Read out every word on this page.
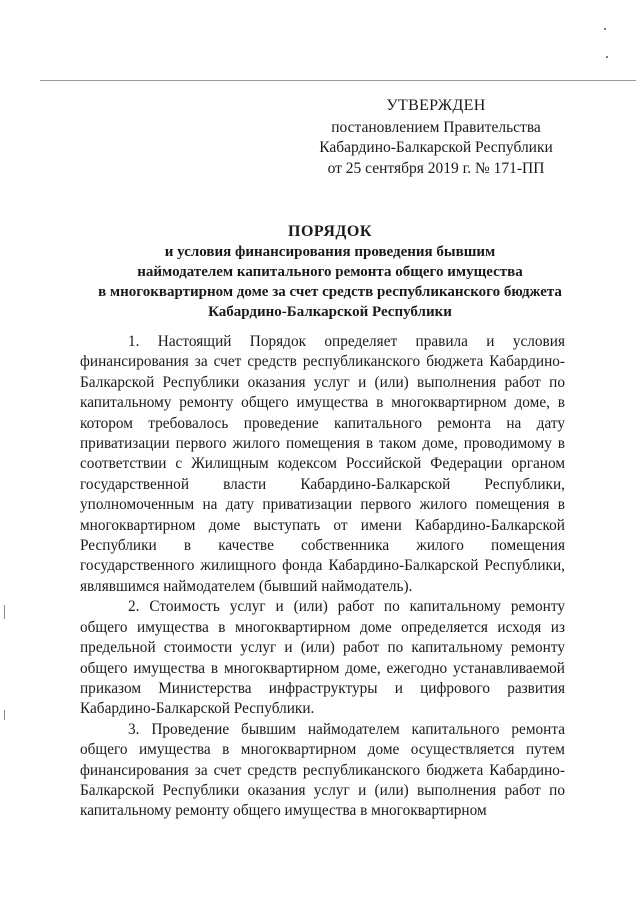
УТВЕРЖДЕН
постановлением Правительства
Кабардино-Балкарской Республики
от 25 сентября 2019 г. № 171-ПП
ПОРЯДОК
и условия финансирования проведения бывшим
наймодателем капитального ремонта общего имущества
в многоквартирном доме за счет средств республиканского бюджета
Кабардино-Балкарской Республики

1. Настоящий Порядок определяет правила и условия финансирования за счет средств республиканского бюджета Кабардино-Балкарской Республики оказания услуг и (или) выполнения работ по капитальному ремонту общего имущества в многоквартирном доме, в котором требовалось проведение капитального ремонта на дату приватизации первого жилого помещения в таком доме, проводимому в соответствии с Жилищным кодексом Российской Федерации органом государственной власти Кабардино-Балкарской Республики, уполномоченным на дату приватизации первого жилого помещения в многоквартирном доме выступать от имени Кабардино-Балкарской Республики в качестве собственника жилого помещения государственного жилищного фонда Кабардино-Балкарской Республики, являвшимся наймодателем (бывший наймодатель).

2. Стоимость услуг и (или) работ по капитальному ремонту общего имущества в многоквартирном доме определяется исходя из предельной стоимости услуг и (или) работ по капитальному ремонту общего имущества в многоквартирном доме, ежегодно устанавливаемой приказом Министерства инфраструктуры и цифрового развития Кабардино-Балкарской Республики.

3. Проведение бывшим наймодателем капитального ремонта общего имущества в многоквартирном доме осуществляется путем финансирования за счет средств республиканского бюджета Кабардино-Балкарской Республики оказания услуг и (или) выполнения работ по капитальному ремонту общего имущества в многоквартирном
